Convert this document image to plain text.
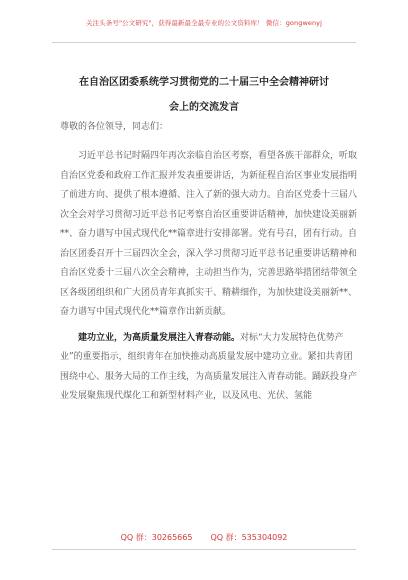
关注头条号"公文研究"，获得最新最全最专业的公文资料库！ 微信：gongwenyj
在自治区团委系统学习贯彻党的二十届三中全会精神研讨
会上的交流发言
尊敬的各位领导，同志们：
　　习近平总书记时隔四年再次亲临自治区考察，看望各族干部群众，听取自治区党委和政府工作汇报并发表重要讲话，为新征程自治区事业发展指明了前进方向、提供了根本遵循、注入了新的强大动力。自治区党委十三届八次全会对学习贯彻习近平总书记考察自治区重要讲话精神，加快建设美丽新**、奋力谱写中国式现代化**篇章进行安排部署。党有号召，团有行动。自治区团委召开十三届四次全会，深入学习贯彻习近平总书记重要讲话精神和自治区党委十三届八次全会精神，主动担当作为，完善思路举措团结带领全区各级团组织和广大团员青年真抓实干、精耕细作，为加快建设美丽新**、奋力谱写中国式现代化**篇章作出新贡献。
　　建功立业，为高质量发展注入青春动能。对标“大力发展特色优势产业”的重要指示，组织青年在加快推动高质量发展中建功立业。紧扣共青团围绕中心、服务大局的工作主线，为高质量发展注入青春动能。踊跃投身产业发展聚焦现代煤化工和新型材料产业，以及风电、光伏、氢能
QQ 群：30265665 QQ 群：535304092
